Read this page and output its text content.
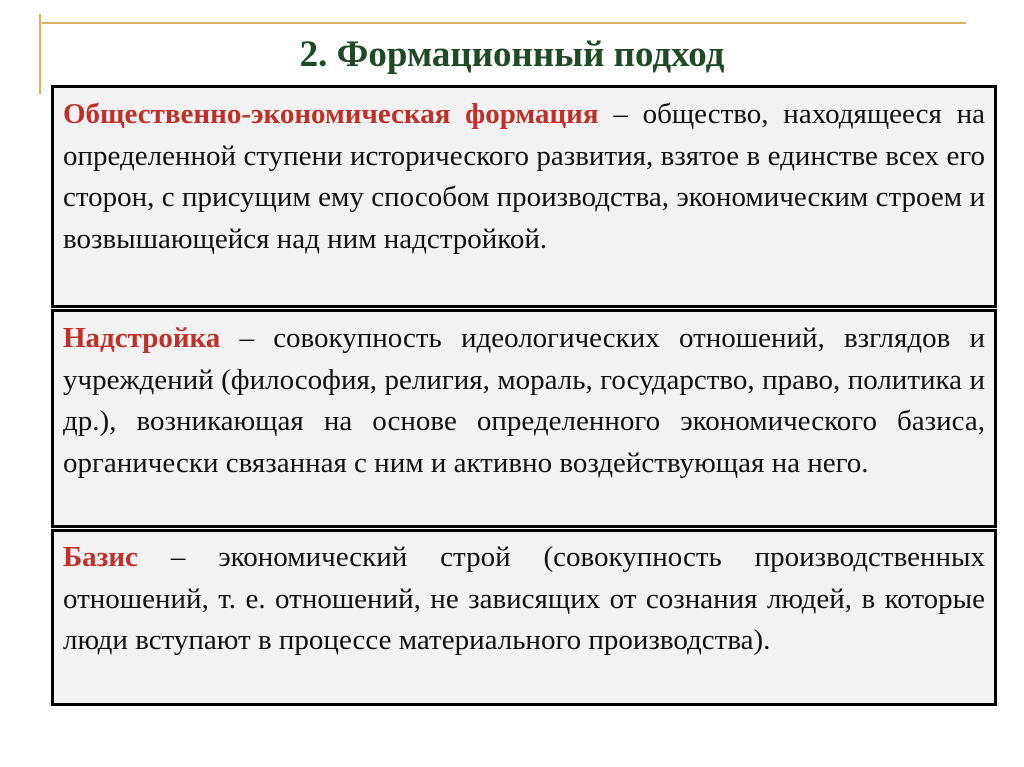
2. Формационный подход
Общественно-экономическая формация – общество, находящееся на определенной ступени исторического развития, взятое в единстве всех его сторон, с присущим ему способом производства, экономическим строем и возвышающейся над ним надстройкой.
Надстройка – совокупность идеологических отношений, взглядов и учреждений (философия, религия, мораль, государство, право, политика и др.), возникающая на основе определенного экономического базиса, органически связанная с ним и активно воздействующая на него.
Базис – экономический строй (совокупность производственных отношений, т. е. отношений, не зависящих от сознания людей, в которые люди вступают в процессе материального производства).
